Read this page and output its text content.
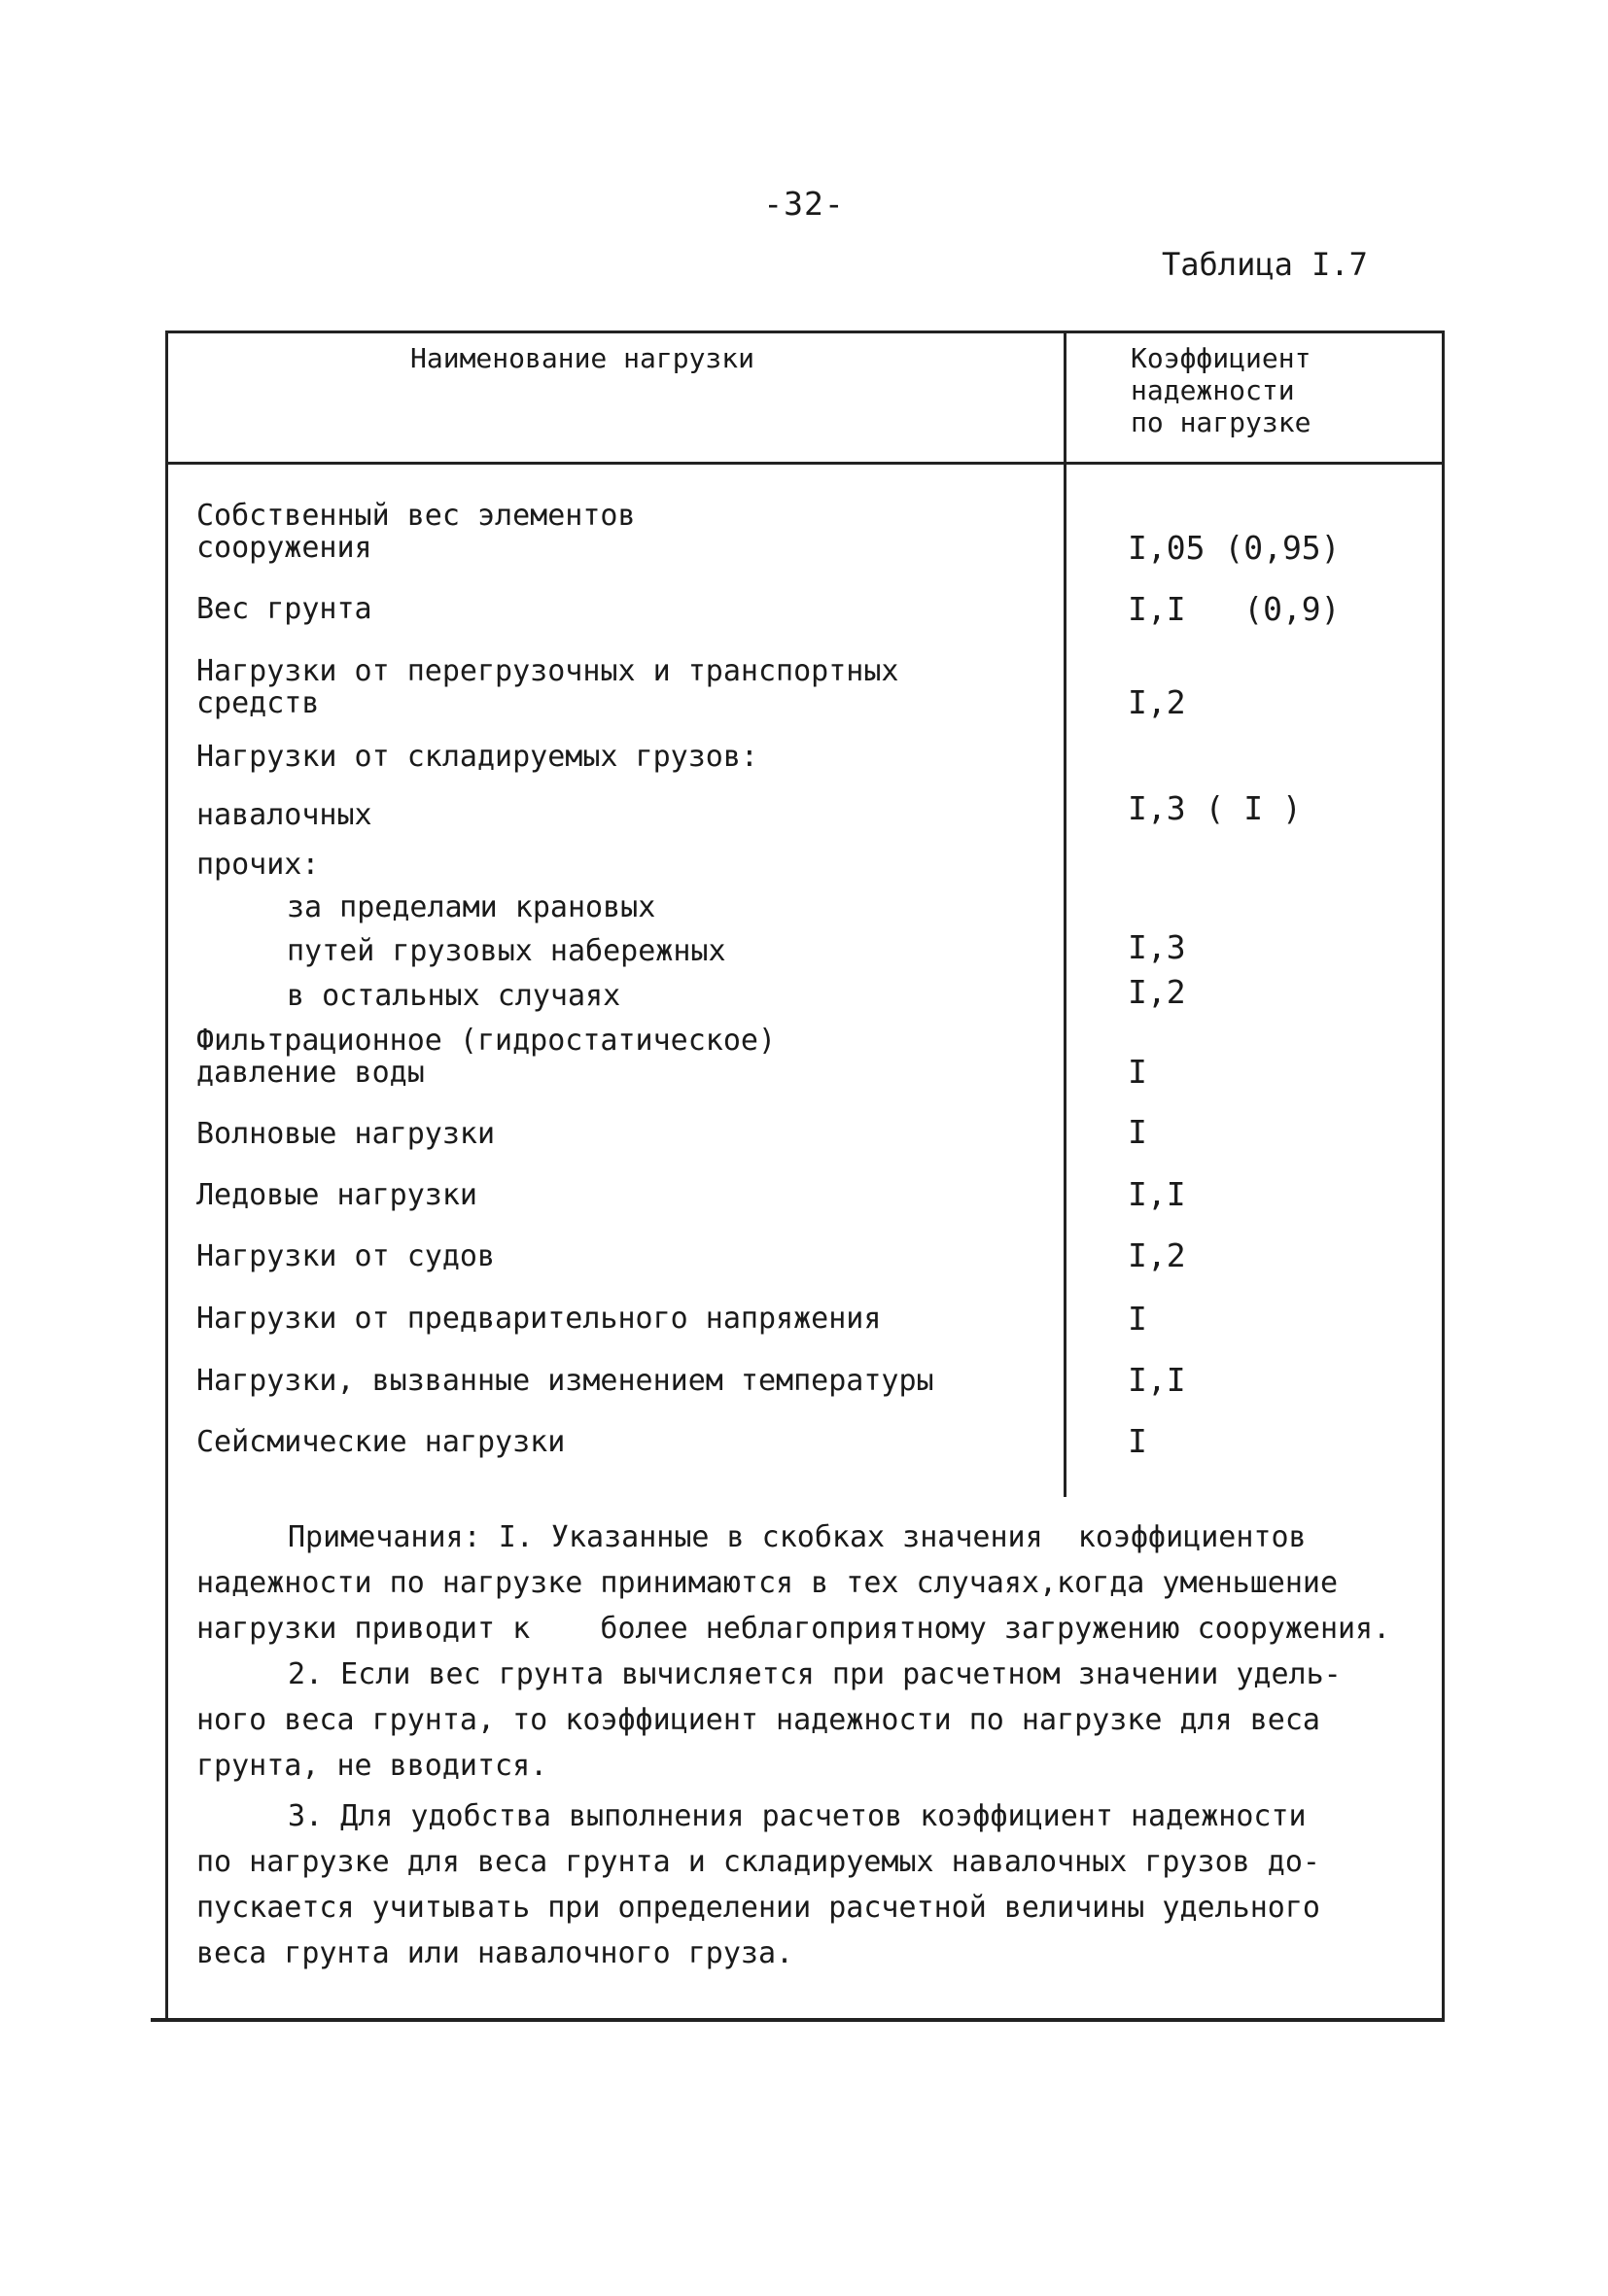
-32-
Таблица I.7
Наименование нагрузки	Коэффициент
надежности
по нагрузке
Собственный вес элементов
сооружения	I,05 (0,95)
Вес грунта	I,I   (0,9)
Нагрузки от перегрузочных и транспортных
средств	I,2
Нагрузки от складируемых грузов:
навалочных	I,3 ( I )
прочих:
за пределами крановых
путей грузовых набережных	I,3
в остальных случаях	I,2
Фильтрационное (гидростатическое)
давление воды	I
Волновые нагрузки	I
Ледовые нагрузки	I,I
Нагрузки от судов	I,2
Нагрузки от предварительного напряжения	I
Нагрузки, вызванные изменением температуры	I,I
Сейсмические нагрузки	I
Примечания: I. Указанные в скобках значения  коэффициентов
надежности по нагрузке принимаются в тех случаях,когда уменьшение
нагрузки приводит к    более неблагоприятному загружению сооружения.
2. Если вес грунта вычисляется при расчетном значении удель-
ного веса грунта, то коэффициент надежности по нагрузке для веса
грунта, не вводится.
3. Для удобства выполнения расчетов коэффициент надежности
по нагрузке для веса грунта и складируемых навалочных грузов до-
пускается учитывать при определении расчетной величины удельного
веса грунта или навалочного груза.
